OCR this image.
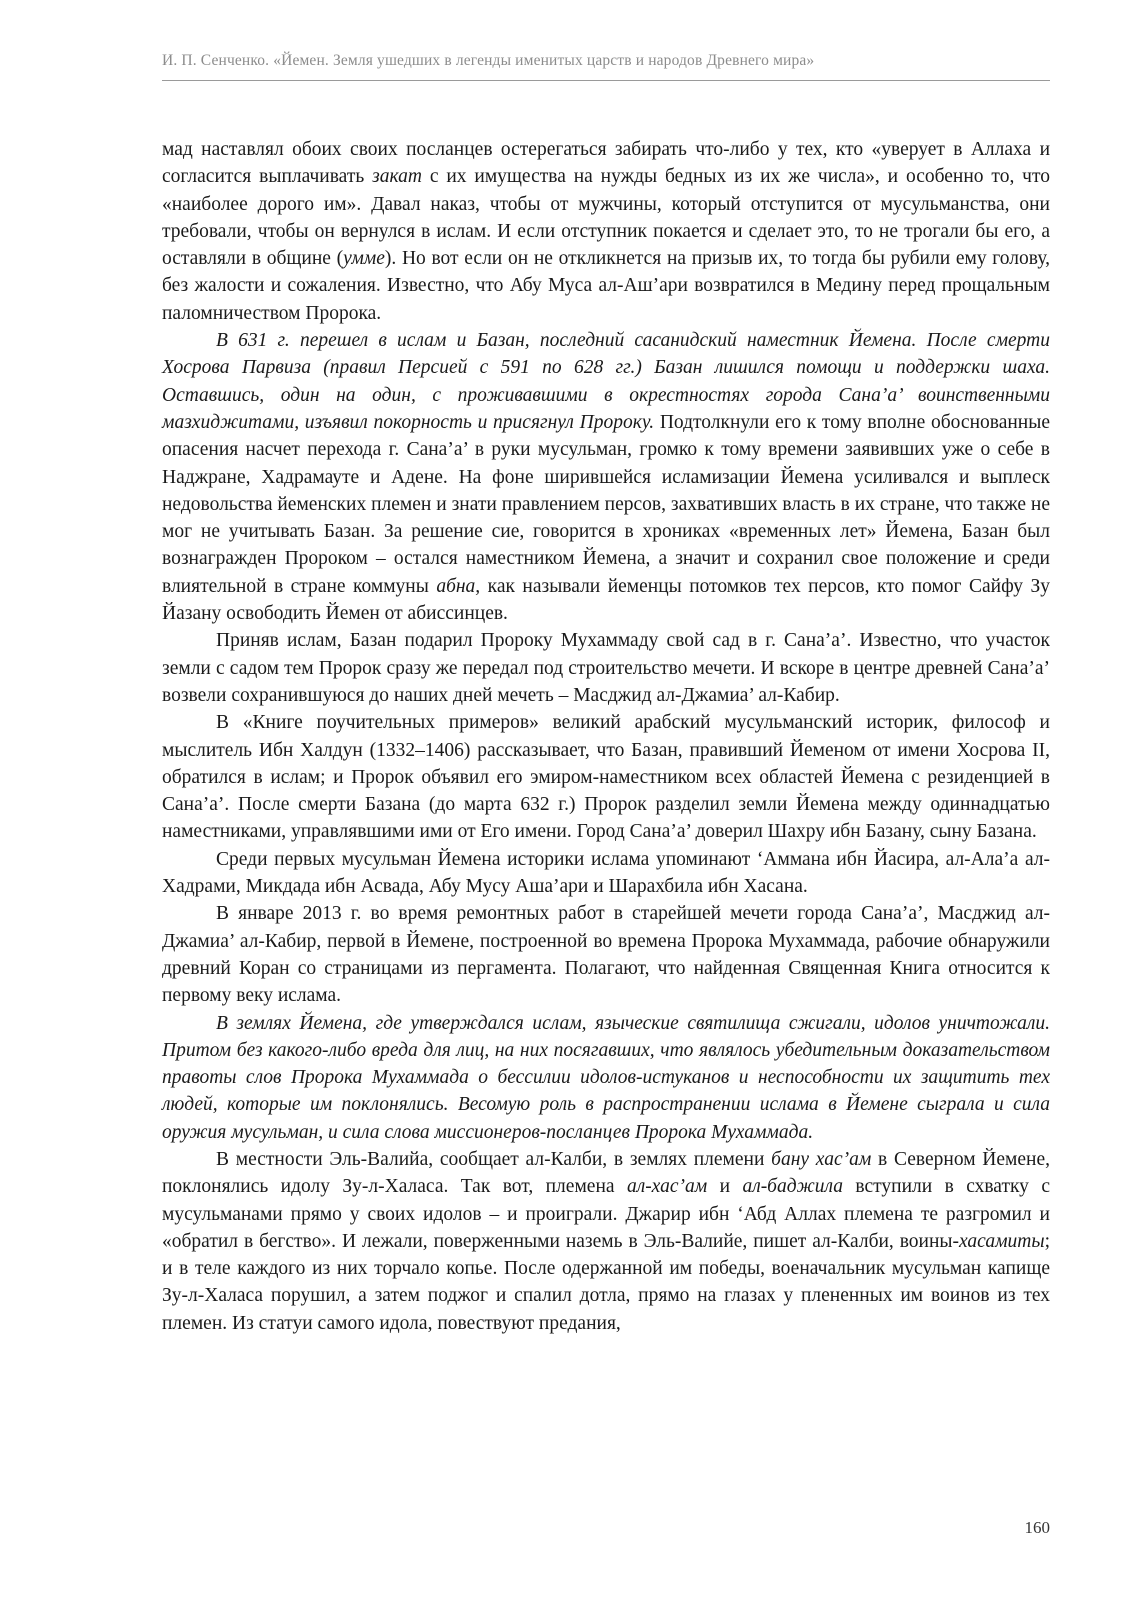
И. П. Сенченко. «Йемен. Земля ушедших в легенды именитых царств и народов Древнего мира»

мад наставлял обоих своих посланцев остерегаться забирать что-либо у тех, кто «уверует в Аллаха и согласится выплачивать закат с их имущества на нужды бедных из их же числа», и особенно то, что «наиболее дорого им». Давал наказ, чтобы от мужчины, который отступится от мусульманства, они требовали, чтобы он вернулся в ислам. И если отступник покается и сделает это, то не трогали бы его, а оставляли в общине (умме). Но вот если он не откликнется на призыв их, то тогда бы рубили ему голову, без жалости и сожаления. Известно, что Абу Муса ал-Аш’ари возвратился в Медину перед прощальным паломничеством Пророка.

В 631 г. перешел в ислам и Базан, последний сасанидский наместник Йемена. После смерти Хосрова Парвиза (правил Персией с 591 по 628 гг.) Базан лишился помощи и поддержки шаха. Оставшись, один на один, с проживавшими в окрестностях города Сана’а’ воинственными мазхиджитами, изъявил покорность и присягнул Пророку. Подтолкнули его к тому вполне обоснованные опасения насчет перехода г. Сана’а’ в руки мусульман, громко к тому времени заявивших уже о себе в Наджране, Хадрамауте и Адене. На фоне ширившейся исламизации Йемена усиливался и выплеск недовольства йеменских племен и знати правлением персов, захвативших власть в их стране, что также не мог не учитывать Базан. За решение сие, говорится в хрониках «временных лет» Йемена, Базан был вознагражден Пророком – остался наместником Йемена, а значит и сохранил свое положение и среди влиятельной в стране коммуны абна, как называли йеменцы потомков тех персов, кто помог Сайфу Зу Йазану освободить Йемен от абиссинцев.

Приняв ислам, Базан подарил Пророку Мухаммаду свой сад в г. Сана’а’. Известно, что участок земли с садом тем Пророк сразу же передал под строительство мечети. И вскоре в центре древней Сана’а’ возвели сохранившуюся до наших дней мечеть – Масджид ал-Джамиа’ ал-Кабир.

В «Книге поучительных примеров» великий арабский мусульманский историк, философ и мыслитель Ибн Халдун (1332–1406) рассказывает, что Базан, правивший Йеменом от имени Хосрова II, обратился в ислам; и Пророк объявил его эмиром-наместником всех областей Йемена с резиденцией в Сана’а’. После смерти Базана (до марта 632 г.) Пророк разделил земли Йемена между одиннадцатью наместниками, управлявшими ими от Его имени. Город Сана’а’ доверил Шахру ибн Базану, сыну Базана.

Среди первых мусульман Йемена историки ислама упоминают ‘Аммана ибн Йасира, ал-Ала’а ал-Хадрами, Микдада ибн Асвада, Абу Мусу Аша’ари и Шарахбила ибн Хасана.

В январе 2013 г. во время ремонтных работ в старейшей мечети города Сана’а’, Масджид ал-Джамиа’ ал-Кабир, первой в Йемене, построенной во времена Пророка Мухаммада, рабочие обнаружили древний Коран со страницами из пергамента. Полагают, что найденная Священная Книга относится к первому веку ислама.

В землях Йемена, где утверждался ислам, языческие святилища сжигали, идолов уничтожали. Притом без какого-либо вреда для лиц, на них посягавших, что являлось убедительным доказательством правоты слов Пророка Мухаммада о бессилии идолов-истуканов и неспособности их защитить тех людей, которые им поклонялись. Весомую роль в распространении ислама в Йемене сыграла и сила оружия мусульман, и сила слова миссионеров-посланцев Пророка Мухаммада.

В местности Эль-Валийа, сообщает ал-Калби, в землях племени бану хас’ам в Северном Йемене, поклонялись идолу Зу-л-Халаса. Так вот, племена ал-хас’ам и ал-баджила вступили в схватку с мусульманами прямо у своих идолов – и проиграли. Джарир ибн ‘Абд Аллах племена те разгромил и «обратил в бегство». И лежали, поверженными наземь в Эль-Валийе, пишет ал-Калби, воины-хасамиты; и в теле каждого из них торчало копье. После одержанной им победы, военачальник мусульман капище Зу-л-Халаса порушил, а затем поджог и спалил дотла, прямо на глазах у плененных им воинов из тех племен. Из статуи самого идола, повествуют предания,

160
